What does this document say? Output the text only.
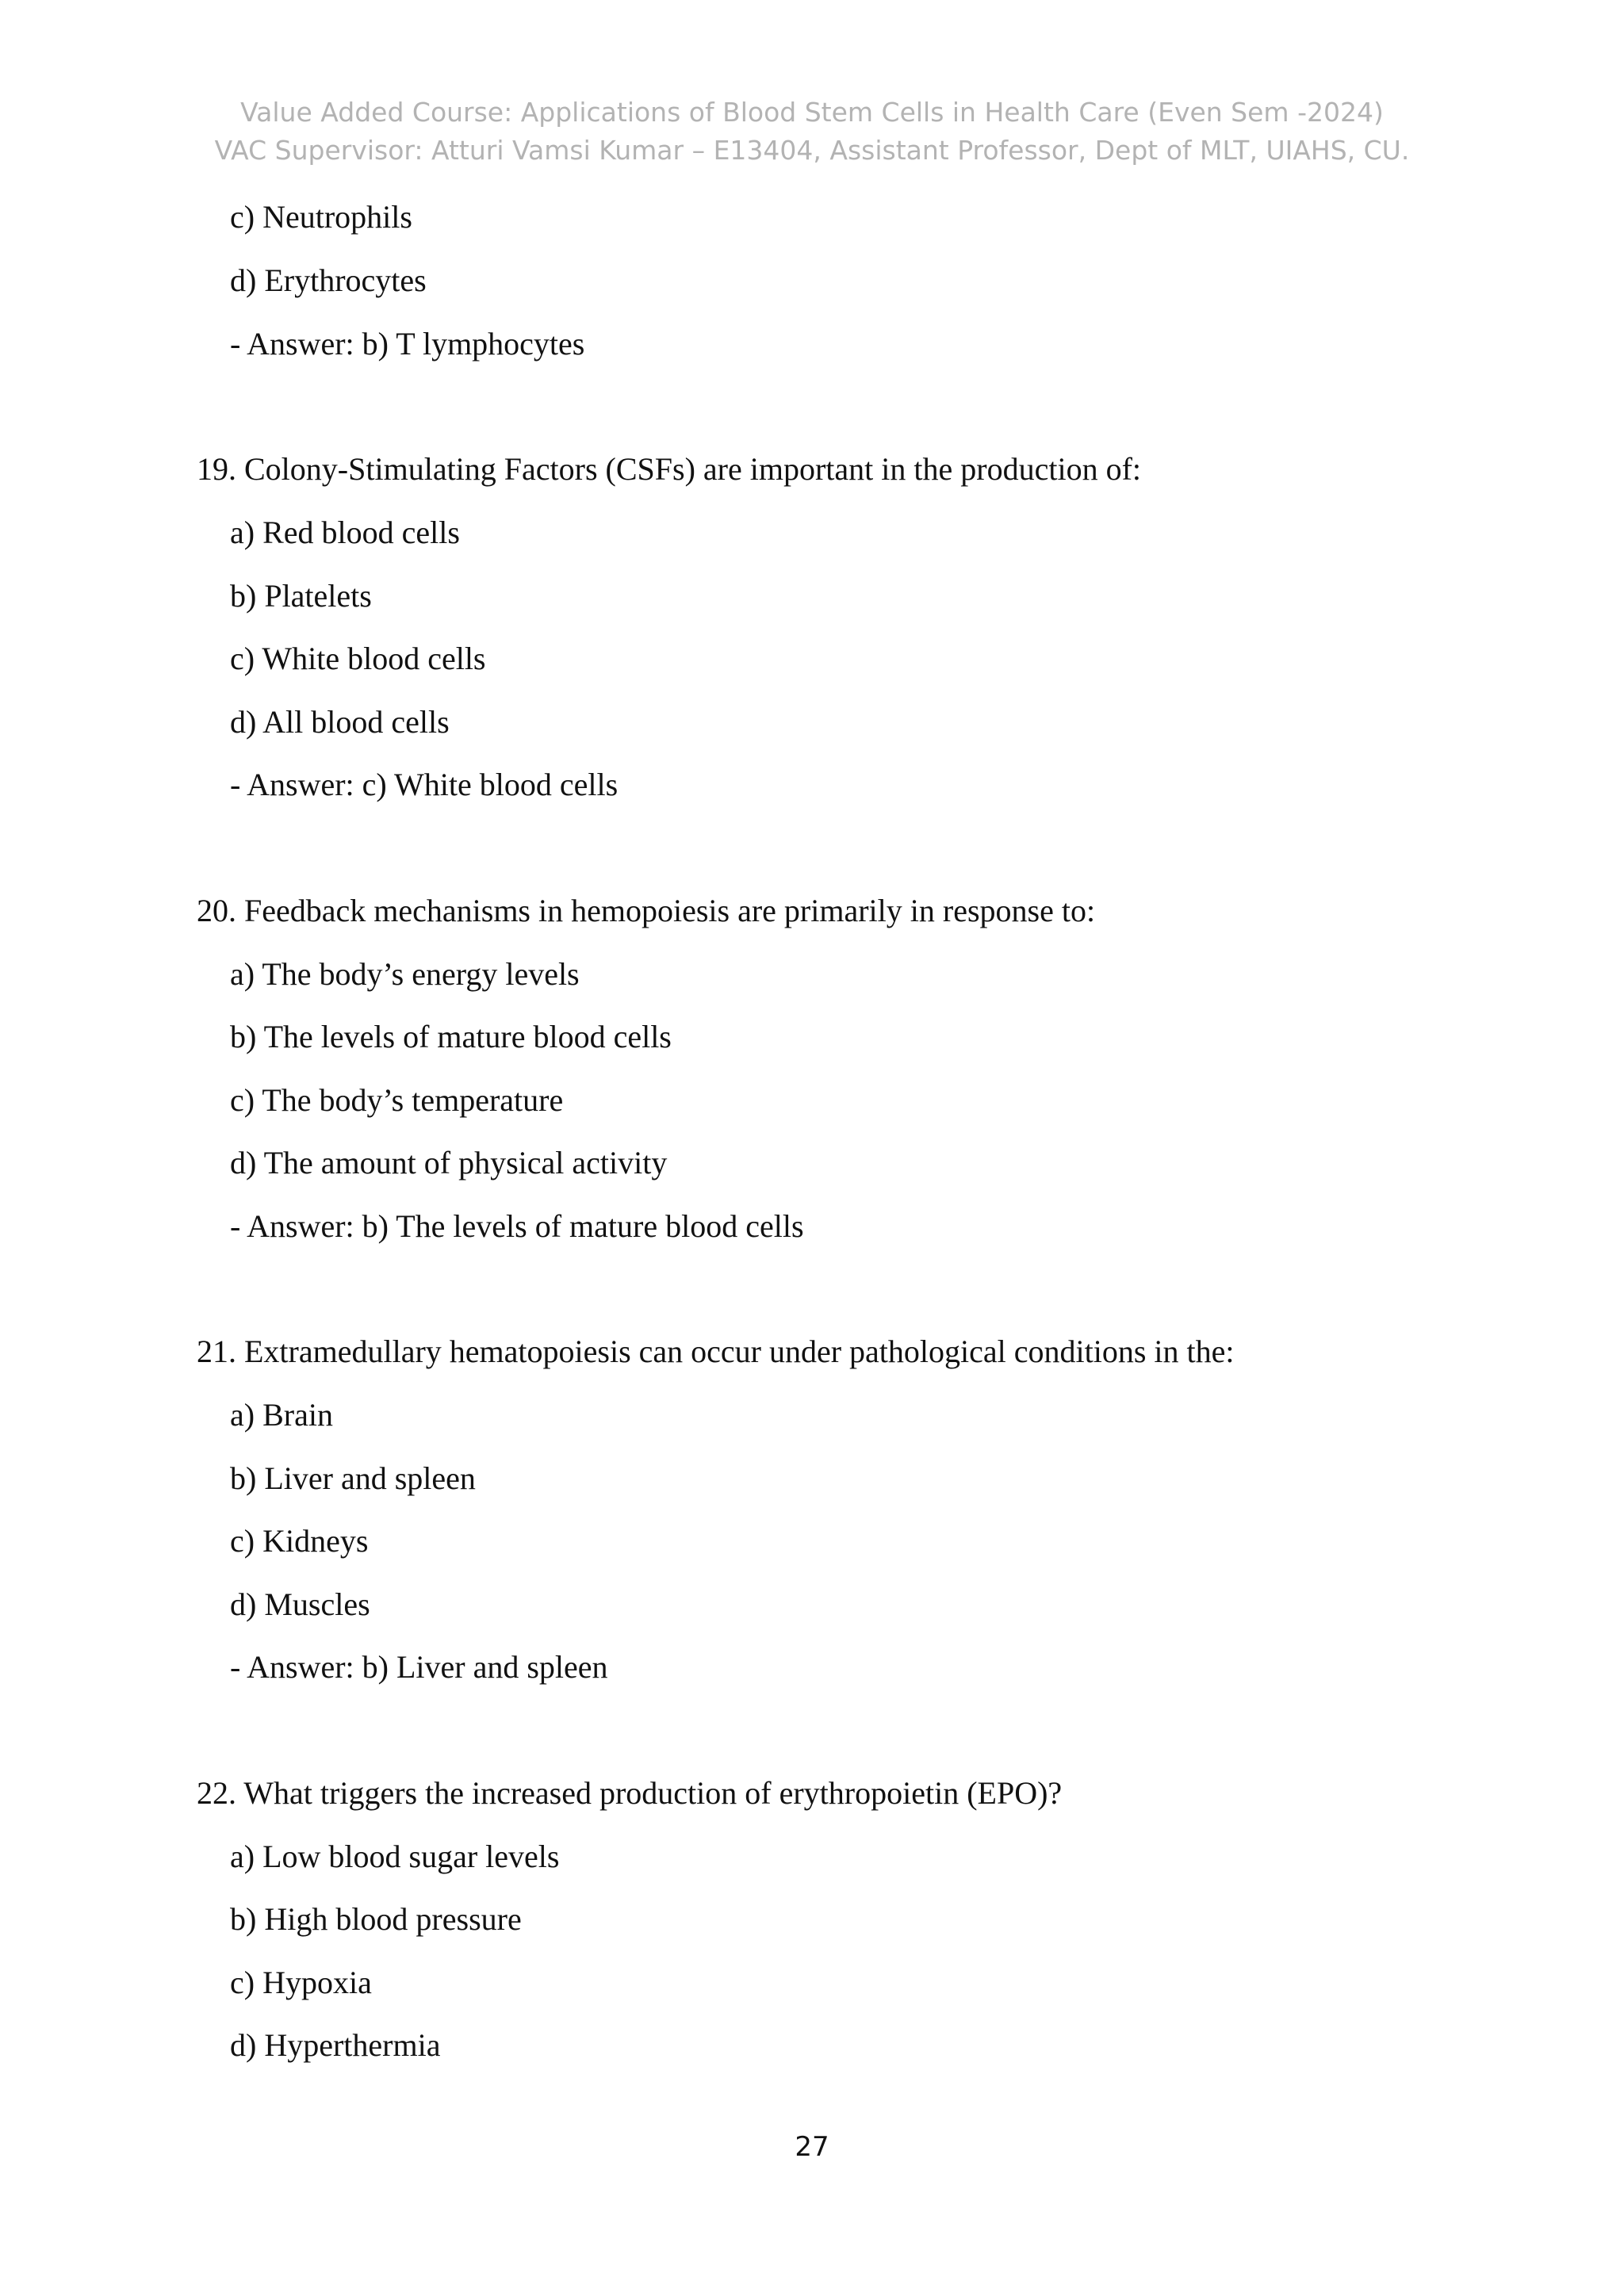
Value Added Course: Applications of Blood Stem Cells in Health Care (Even Sem -2024)
VAC Supervisor: Atturi Vamsi Kumar – E13404, Assistant Professor, Dept of MLT, UIAHS, CU.
c) Neutrophils
d) Erythrocytes
- Answer: b) T lymphocytes
19. Colony-Stimulating Factors (CSFs) are important in the production of:
a) Red blood cells
b) Platelets
c) White blood cells
d) All blood cells
- Answer: c) White blood cells
20. Feedback mechanisms in hemopoiesis are primarily in response to:
a) The body’s energy levels
b) The levels of mature blood cells
c) The body’s temperature
d) The amount of physical activity
- Answer: b) The levels of mature blood cells
21. Extramedullary hematopoiesis can occur under pathological conditions in the:
a) Brain
b) Liver and spleen
c) Kidneys
d) Muscles
- Answer: b) Liver and spleen
22. What triggers the increased production of erythropoietin (EPO)?
a) Low blood sugar levels
b) High blood pressure
c) Hypoxia
d) Hyperthermia
27
